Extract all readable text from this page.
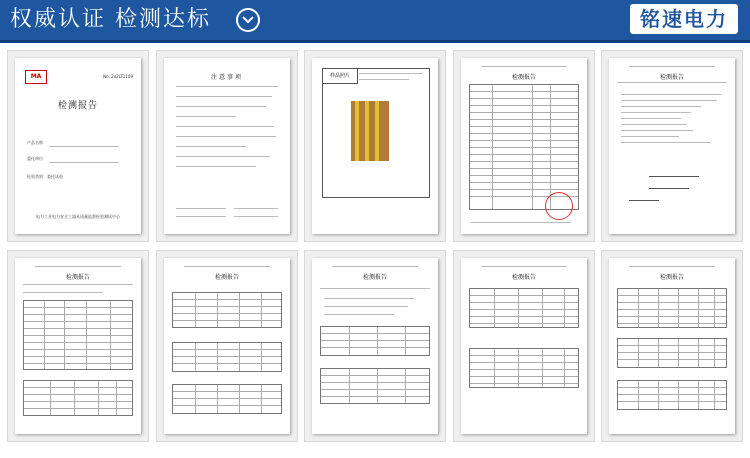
权威认证 检测达标	铭速电力
MA	No: 2o2LT1109
检测报告
产品名称：
委托单位：
检验类别：委托试验
电力工业电力安全工器具质量监督检验测试中心
注意事项	样品照片	检测报告	检测报告
检测报告	检测报告	检测报告	检测报告	检测报告
